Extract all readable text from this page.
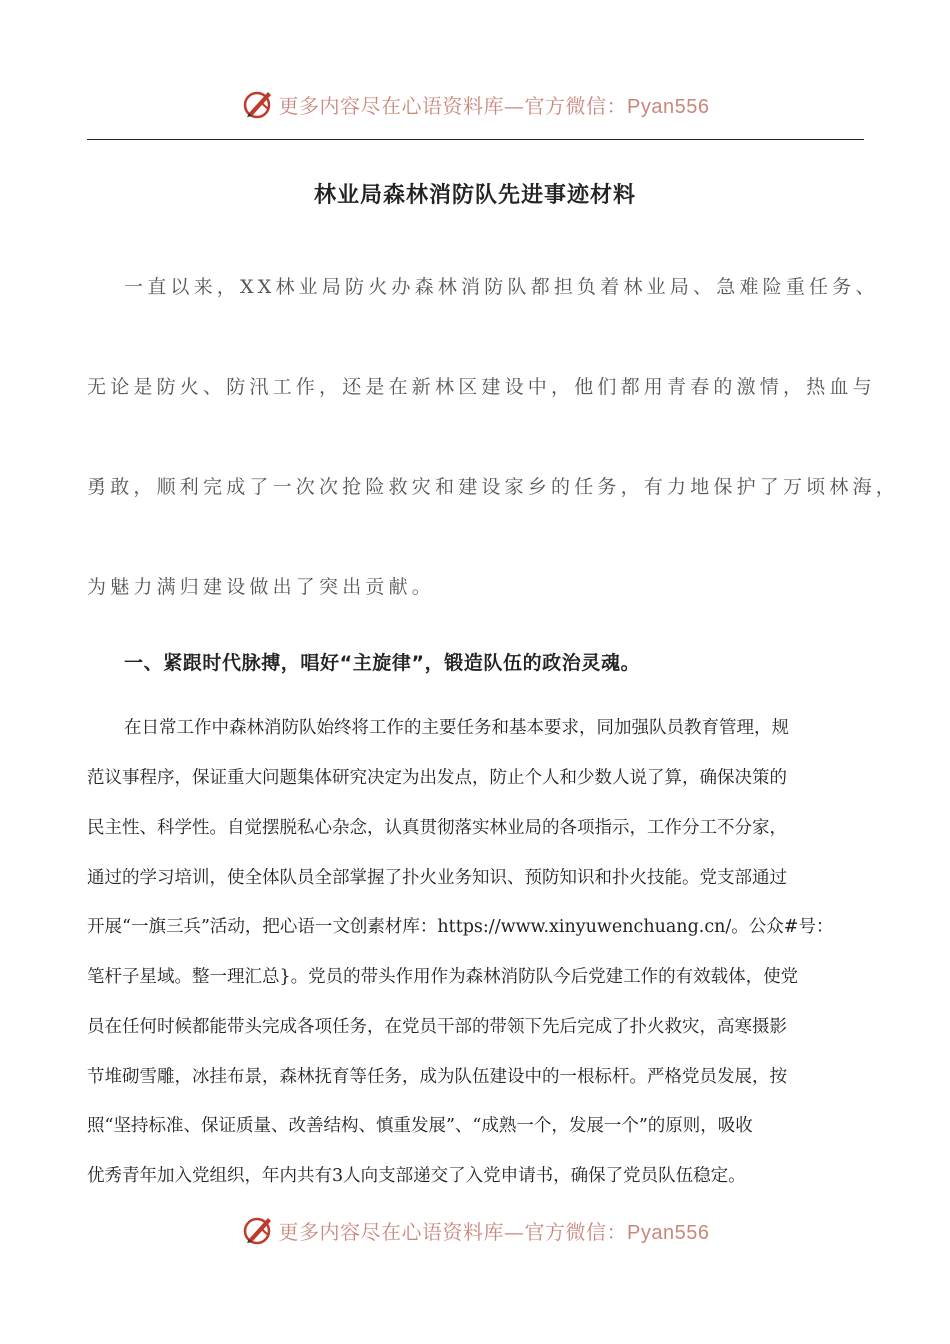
更多内容尽在心语资料库—官方微信：Pyan556
林业局森林消防队先进事迹材料
一直以来，XX林业局防火办森林消防队都担负着林业局、急难险重任务、
无论是防火、防汛工作，还是在新林区建设中，他们都用青春的激情，热血与
勇敢，顺利完成了一次次抢险救灾和建设家乡的任务，有力地保护了万顷林海，
为魅力满归建设做出了突出贡献。
一、紧跟时代脉搏，唱好“主旋律”，锻造队伍的政治灵魂。
在日常工作中森林消防队始终将工作的主要任务和基本要求，同加强队员教育管理，规
范议事程序，保证重大问题集体研究决定为出发点，防止个人和少数人说了算，确保决策的
民主性、科学性。自觉摆脱私心杂念，认真贯彻落实林业局的各项指示，工作分工不分家，
通过的学习培训，使全体队员全部掌握了扑火业务知识、预防知识和扑火技能。党支部通过
开展“一旗三兵”活动，把心语一文创素材库：https://www.xinyuwenchuang.cn/。公众#号：
笔杆子星域。整一理汇总}。党员的带头作用作为森林消防队今后党建工作的有效载体，使党
员在任何时候都能带头完成各项任务，在党员干部的带领下先后完成了扑火救灾，高寒摄影
节堆砌雪雕，冰挂布景，森林抚育等任务，成为队伍建设中的一根标杆。严格党员发展，按
照“坚持标准、保证质量、改善结构、慎重发展”、“成熟一个，发展一个”的原则，吸收
优秀青年加入党组织，年内共有3人向支部递交了入党申请书，确保了党员队伍稳定。
更多内容尽在心语资料库—官方微信：Pyan556
